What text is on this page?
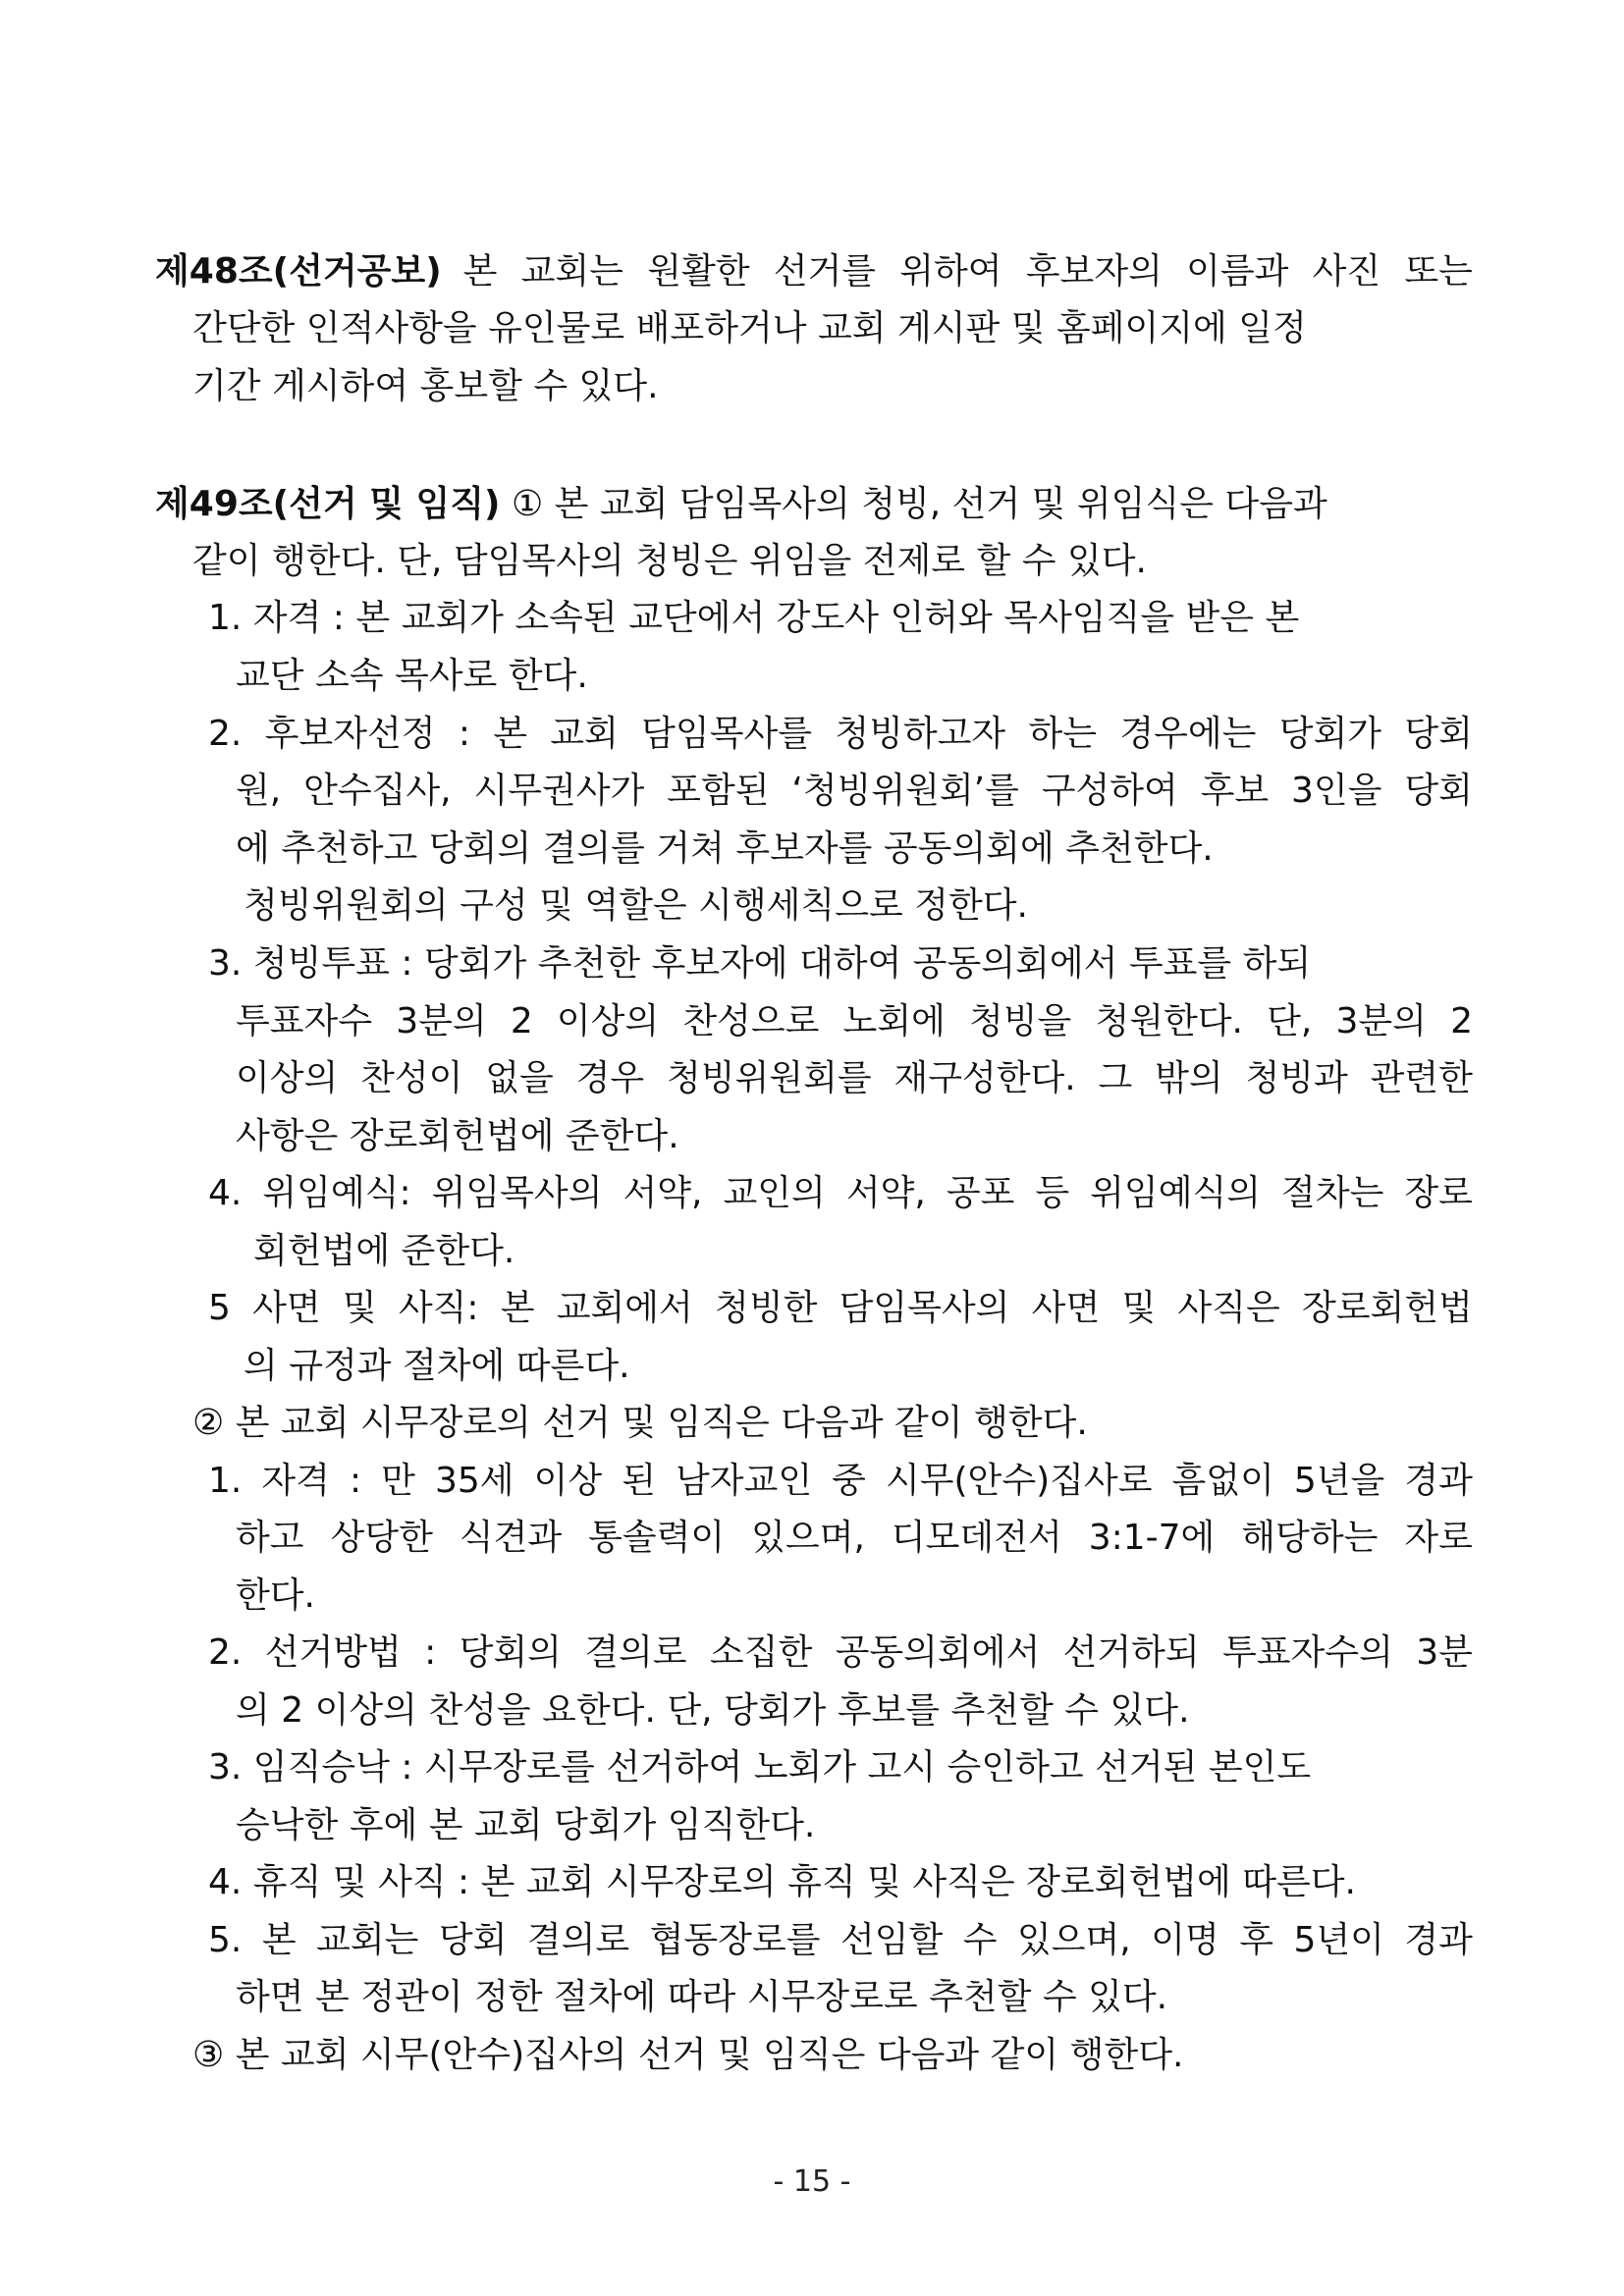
제48조(선거공보) 본 교회는 원활한 선거를 위하여 후보자의 이름과 사진 또는
간단한 인적사항을 유인물로 배포하거나 교회 게시판 및 홈페이지에 일정
기간 게시하여 홍보할 수 있다.
제49조(선거 및 임직) ① 본 교회 담임목사의 청빙, 선거 및 위임식은 다음과
같이 행한다. 단, 담임목사의 청빙은 위임을 전제로 할 수 있다.
1. 자격 : 본 교회가 소속된 교단에서 강도사 인허와 목사임직을 받은 본
교단 소속 목사로 한다.
2. 후보자선정 : 본 교회 담임목사를 청빙하고자 하는 경우에는 당회가 당회
원, 안수집사, 시무권사가 포함된 ‘청빙위원회’를 구성하여 후보 3인을 당회
에 추천하고 당회의 결의를 거쳐 후보자를 공동의회에 추천한다.
청빙위원회의 구성 및 역할은 시행세칙으로 정한다.
3. 청빙투표 : 당회가 추천한 후보자에 대하여 공동의회에서 투표를 하되
투표자수 3분의 2 이상의 찬성으로 노회에 청빙을 청원한다. 단, 3분의 2
이상의 찬성이 없을 경우 청빙위원회를 재구성한다. 그 밖의 청빙과 관련한
사항은 장로회헌법에 준한다.
4. 위임예식: 위임목사의 서약, 교인의 서약, 공포 등 위임예식의 절차는 장로
회헌법에 준한다.
5 사면 및 사직: 본 교회에서 청빙한 담임목사의 사면 및 사직은 장로회헌법
의 규정과 절차에 따른다.
② 본 교회 시무장로의 선거 및 임직은 다음과 같이 행한다.
1. 자격 : 만 35세 이상 된 남자교인 중 시무(안수)집사로 흠없이 5년을 경과
하고 상당한 식견과 통솔력이 있으며, 디모데전서 3:1-7에 해당하는 자로
한다.
2. 선거방법 : 당회의 결의로 소집한 공동의회에서 선거하되 투표자수의 3분
의 2 이상의 찬성을 요한다. 단, 당회가 후보를 추천할 수 있다.
3. 임직승낙 : 시무장로를 선거하여 노회가 고시 승인하고 선거된 본인도
승낙한 후에 본 교회 당회가 임직한다.
4. 휴직 및 사직 : 본 교회 시무장로의 휴직 및 사직은 장로회헌법에 따른다.
5. 본 교회는 당회 결의로 협동장로를 선임할 수 있으며, 이명 후 5년이 경과
하면 본 정관이 정한 절차에 따라 시무장로로 추천할 수 있다.
③ 본 교회 시무(안수)집사의 선거 및 임직은 다음과 같이 행한다.
- 15 -
